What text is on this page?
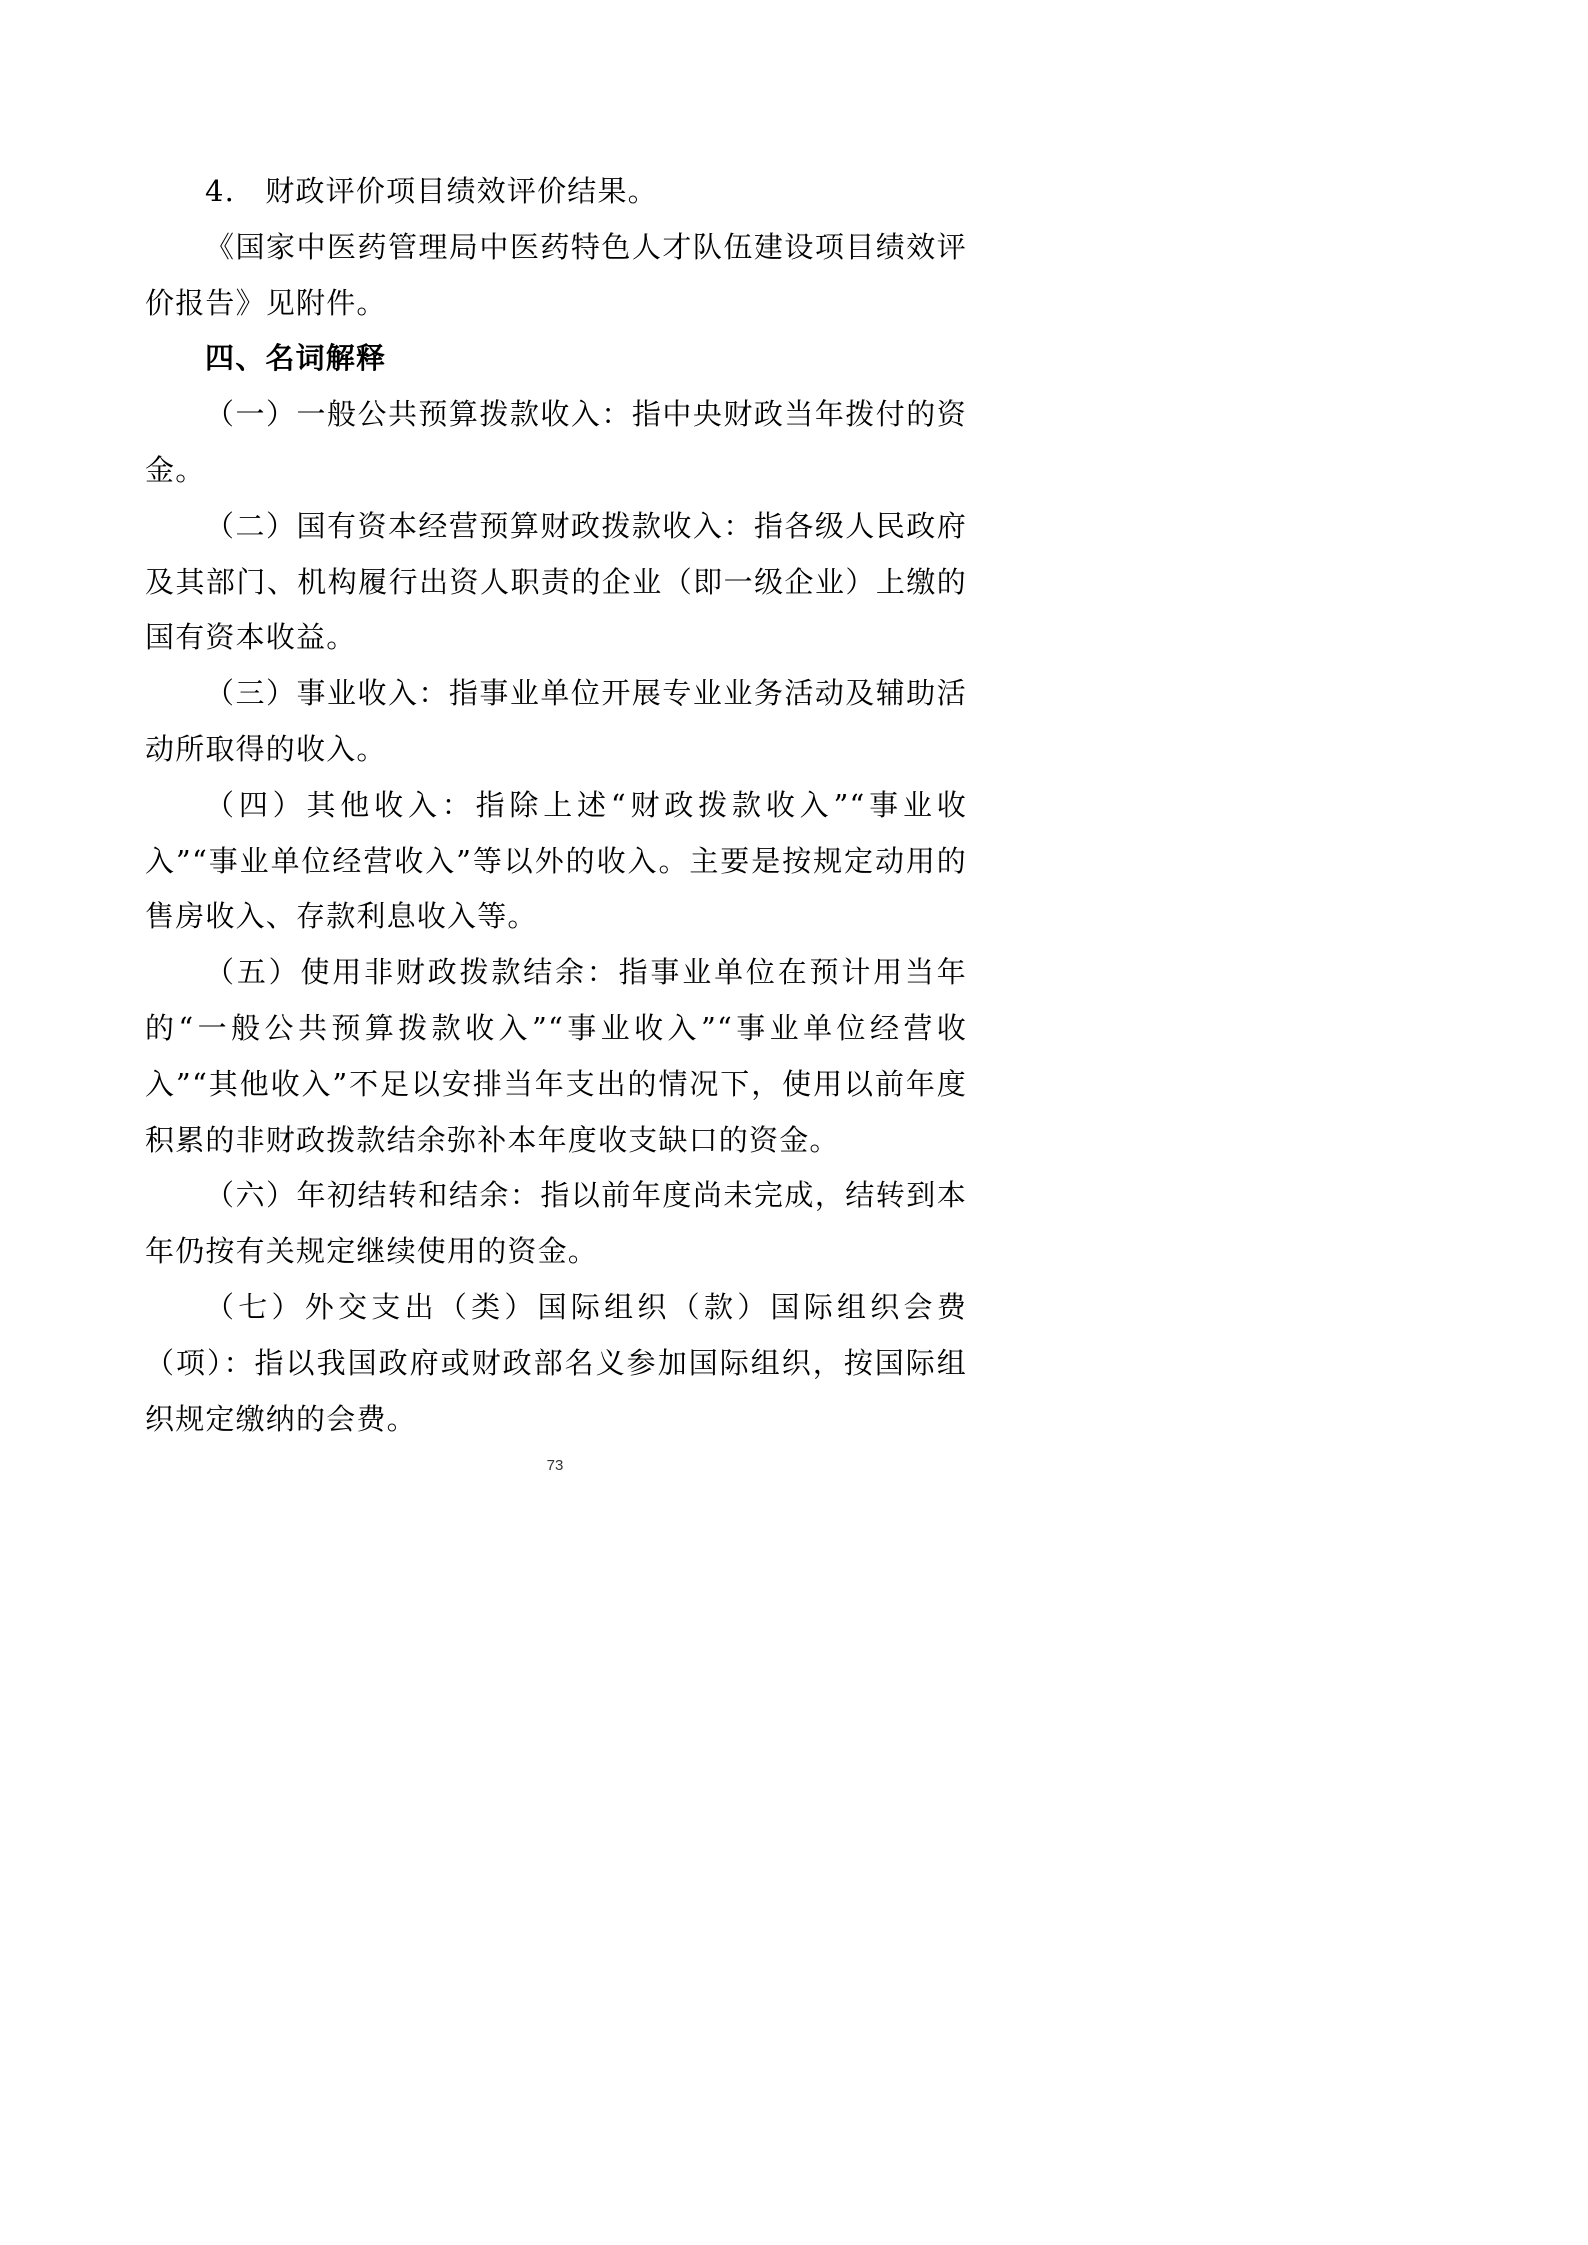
4.　财政评价项目绩效评价结果。

《国家中医药管理局中医药特色人才队伍建设项目绩效评价报告》见附件。

四、名词解释

（一）一般公共预算拨款收入：指中央财政当年拨付的资金。

（二）国有资本经营预算财政拨款收入：指各级人民政府及其部门、机构履行出资人职责的企业（即一级企业）上缴的国有资本收益。

（三）事业收入：指事业单位开展专业业务活动及辅助活动所取得的收入。

（四）其他收入：指除上述“财政拨款收入”“事业收入”“事业单位经营收入”等以外的收入。主要是按规定动用的售房收入、存款利息收入等。

（五）使用非财政拨款结余：指事业单位在预计用当年的“一般公共预算拨款收入”“事业收入”“事业单位经营收入”“其他收入”不足以安排当年支出的情况下，使用以前年度积累的非财政拨款结余弥补本年度收支缺口的资金。

（六）年初结转和结余：指以前年度尚未完成，结转到本年仍按有关规定继续使用的资金。

（七）外交支出（类）国际组织（款）国际组织会费（项）：指以我国政府或财政部名义参加国际组织，按国际组织规定缴纳的会费。

73
